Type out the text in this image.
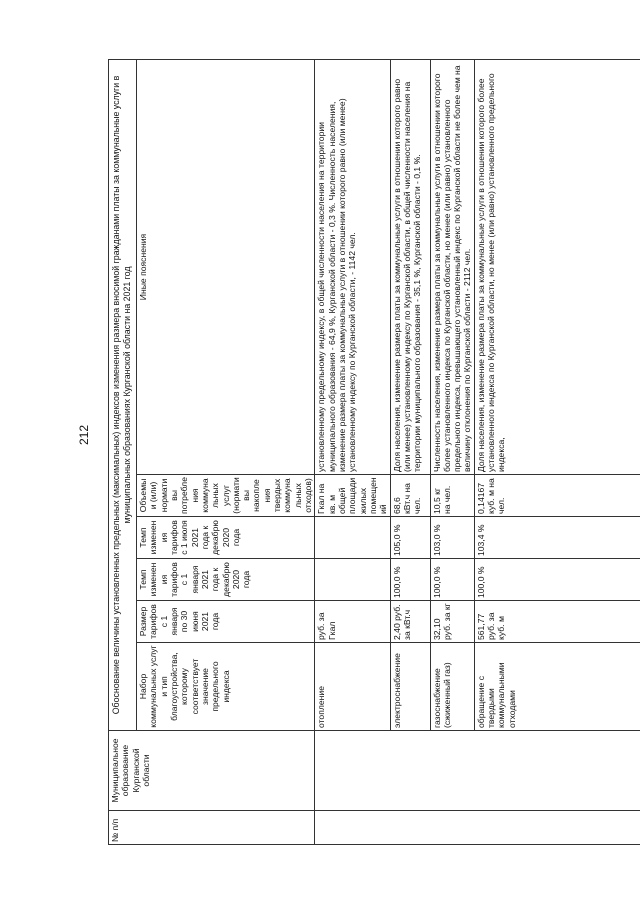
212
№ п/п	Муниципальное образование Курганской области	Обоснование величины установленных предельных (максимальных) индексов изменения размера вносимой гражданами платы за коммунальные услуги в муниципальных образованиях Курганской области на 2021 год					
		Набор коммунальных услуг и тип благоустройства, которому соответствует значение предельного индекса	Размер тарифов с 1 января по 30 июня 2021 года	Темп изменения тарифов с 1 января 2021 года к декабрю 2020 года	Темп изменения тарифов с 1 июля 2021 года к декабрю 2020 года	Объемы и (или) нормативы потребления коммунальных услуг (нормативы накопления твердых коммунальных отходов)	Иные пояснения
		отопление	руб. за Гкал			Гкал на кв. м общей площади жилых помещений	установленному предельному индексу, в общей численности населения на территории муниципального образования - 64,9 %, Курганской области - 0,3 %. Численность населения, изменение размера платы за коммунальные услуги в отношении которого равно (или менее) установленному индексу по Курганской области, - 1142 чел.
		электроснабжение	2,40 руб. за кВт.ч	100,0 %	105,0 %	68,6 кВт.ч на чел.	Доля населения, изменение размера платы за коммунальные услуги в отношении которого равно (или менее) установленному индексу по Курганской области, в общей численности населения на территории муниципального образования - 35,1 %, Курганской области - 0,1 %.
		газоснабжение (сжиженный газ)	32,10 руб. за кг	100,0 %	103,0 %	10,5 кг на чел.	Численность населения, изменение размера платы за коммунальные услуги в отношении которого более установленного индекса по Курганской области, но менее (или равно) установленного предельного индекса, превышающего установленный индекс по Курганской области не более чем на величину отклонения по Курганской области - 2112 чел.
		обращение с твердыми коммунальными отходами	561,77 руб. за куб. м	100,0 %	103,4 %	0,14167 куб. м на чел.	Доля населения, изменение размера платы за коммунальные услуги в отношении которого более установленного индекса по Курганской области, но менее (или равно) установленного предельного индекса,
